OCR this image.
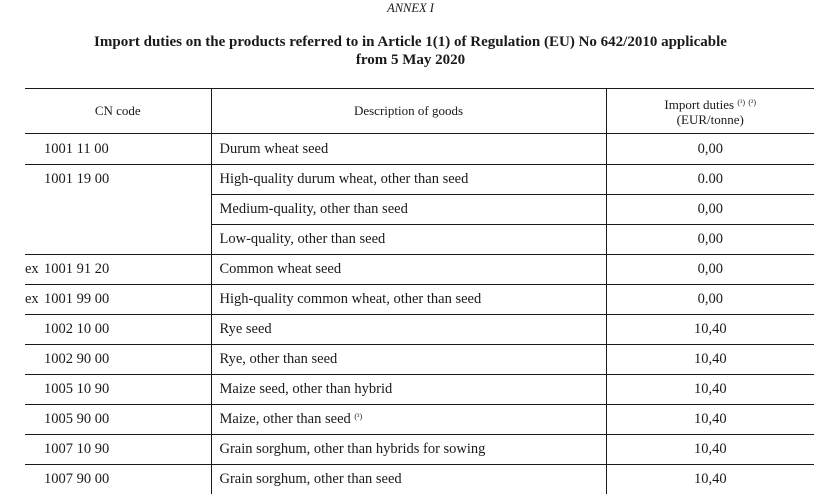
ANNEX I
Import duties on the products referred to in Article 1(1) of Regulation (EU) No 642/2010 applicable
from 5 May 2020
CN code	Description of goods	Import duties $^{(^1)}$ $^{(^2)}$
(EUR/tonne)
1001 11 00	Durum wheat seed	0,00
1001 19 00	High-quality durum wheat, other than seed	0.00
	Medium-quality, other than seed	0,00
	Low-quality, other than seed	0,00
ex 1001 91 20	Common wheat seed	0,00
ex 1001 99 00	High-quality common wheat, other than seed	0,00
1002 10 00	Rye seed	10,40
1002 90 00	Rye, other than seed	10,40
1005 10 90	Maize seed, other than hybrid	10,40
1005 90 00	Maize, other than seed $^{(^3)}$	10,40
1007 10 90	Grain sorghum, other than hybrids for sowing	10,40
1007 90 00	Grain sorghum, other than seed	10,40
